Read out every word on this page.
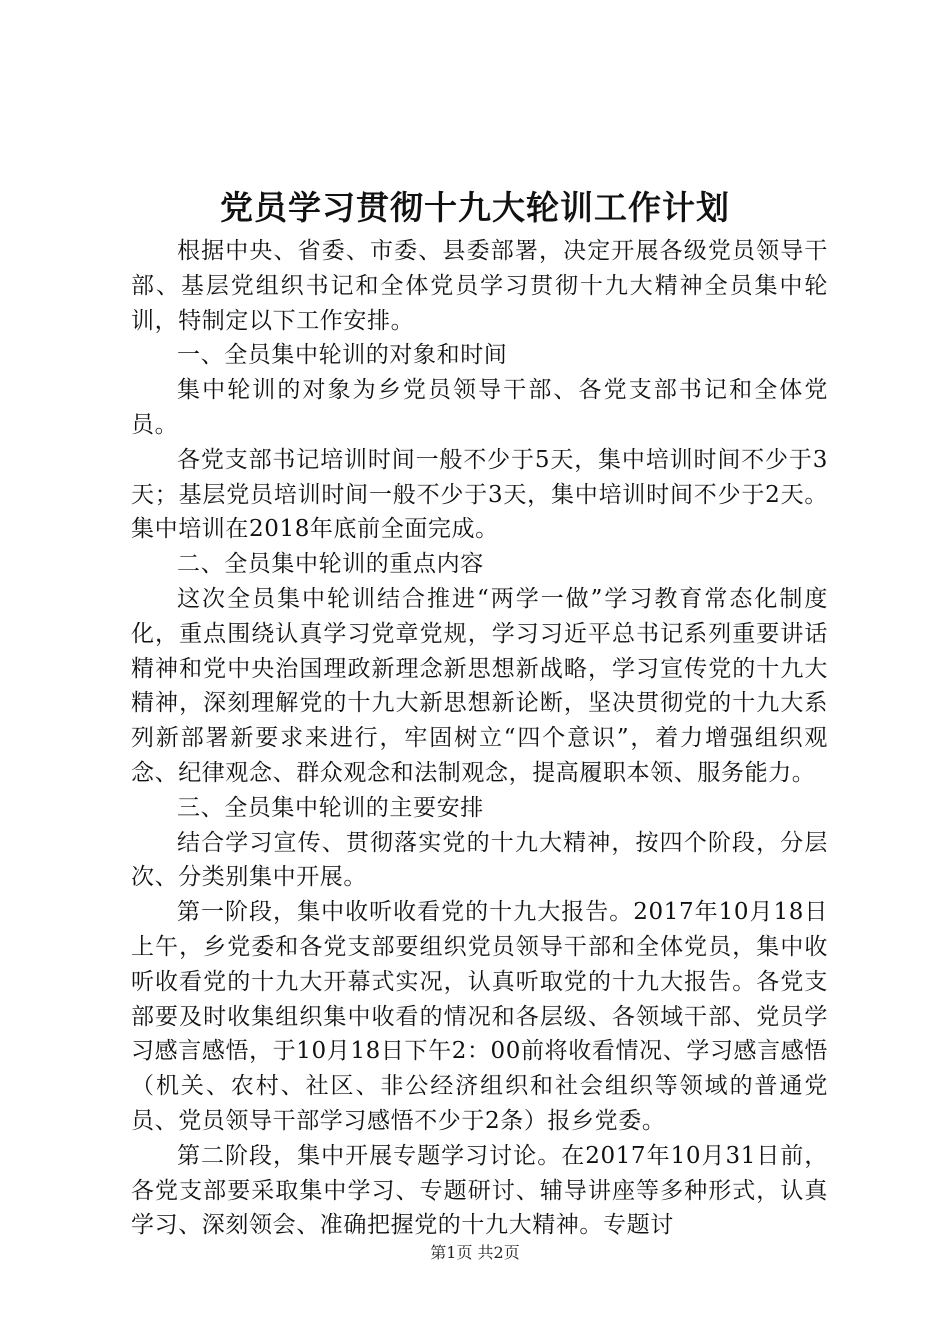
党员学习贯彻十九大轮训工作计划

根据中央、省委、市委、县委部署，决定开展各级党员领导干部、基层党组织书记和全体党员学习贯彻十九大精神全员集中轮训，特制定以下工作安排。

一、全员集中轮训的对象和时间

集中轮训的对象为乡党员领导干部、各党支部书记和全体党员。

各党支部书记培训时间一般不少于5天，集中培训时间不少于3天；基层党员培训时间一般不少于3天，集中培训时间不少于2天。集中培训在2018年底前全面完成。

二、全员集中轮训的重点内容

这次全员集中轮训结合推进“两学一做”学习教育常态化制度化，重点围绕认真学习党章党规，学习习近平总书记系列重要讲话精神和党中央治国理政新理念新思想新战略，学习宣传党的十九大精神，深刻理解党的十九大新思想新论断，坚决贯彻党的十九大系列新部署新要求来进行，牢固树立“四个意识”，着力增强组织观念、纪律观念、群众观念和法制观念，提高履职本领、服务能力。

三、全员集中轮训的主要安排

结合学习宣传、贯彻落实党的十九大精神，按四个阶段，分层次、分类别集中开展。

第一阶段，集中收听收看党的十九大报告。2017年10月18日上午，乡党委和各党支部要组织党员领导干部和全体党员，集中收听收看党的十九大开幕式实况，认真听取党的十九大报告。各党支部要及时收集组织集中收看的情况和各层级、各领域干部、党员学习感言感悟，于10月18日下午2：00前将收看情况、学习感言感悟（机关、农村、社区、非公经济组织和社会组织等领域的普通党员、党员领导干部学习感悟不少于2条）报乡党委。

第二阶段，集中开展专题学习讨论。在2017年10月31日前，各党支部要采取集中学习、专题研讨、辅导讲座等多种形式，认真学习、深刻领会、准确把握党的十九大精神。专题讨

第1页 共2页
